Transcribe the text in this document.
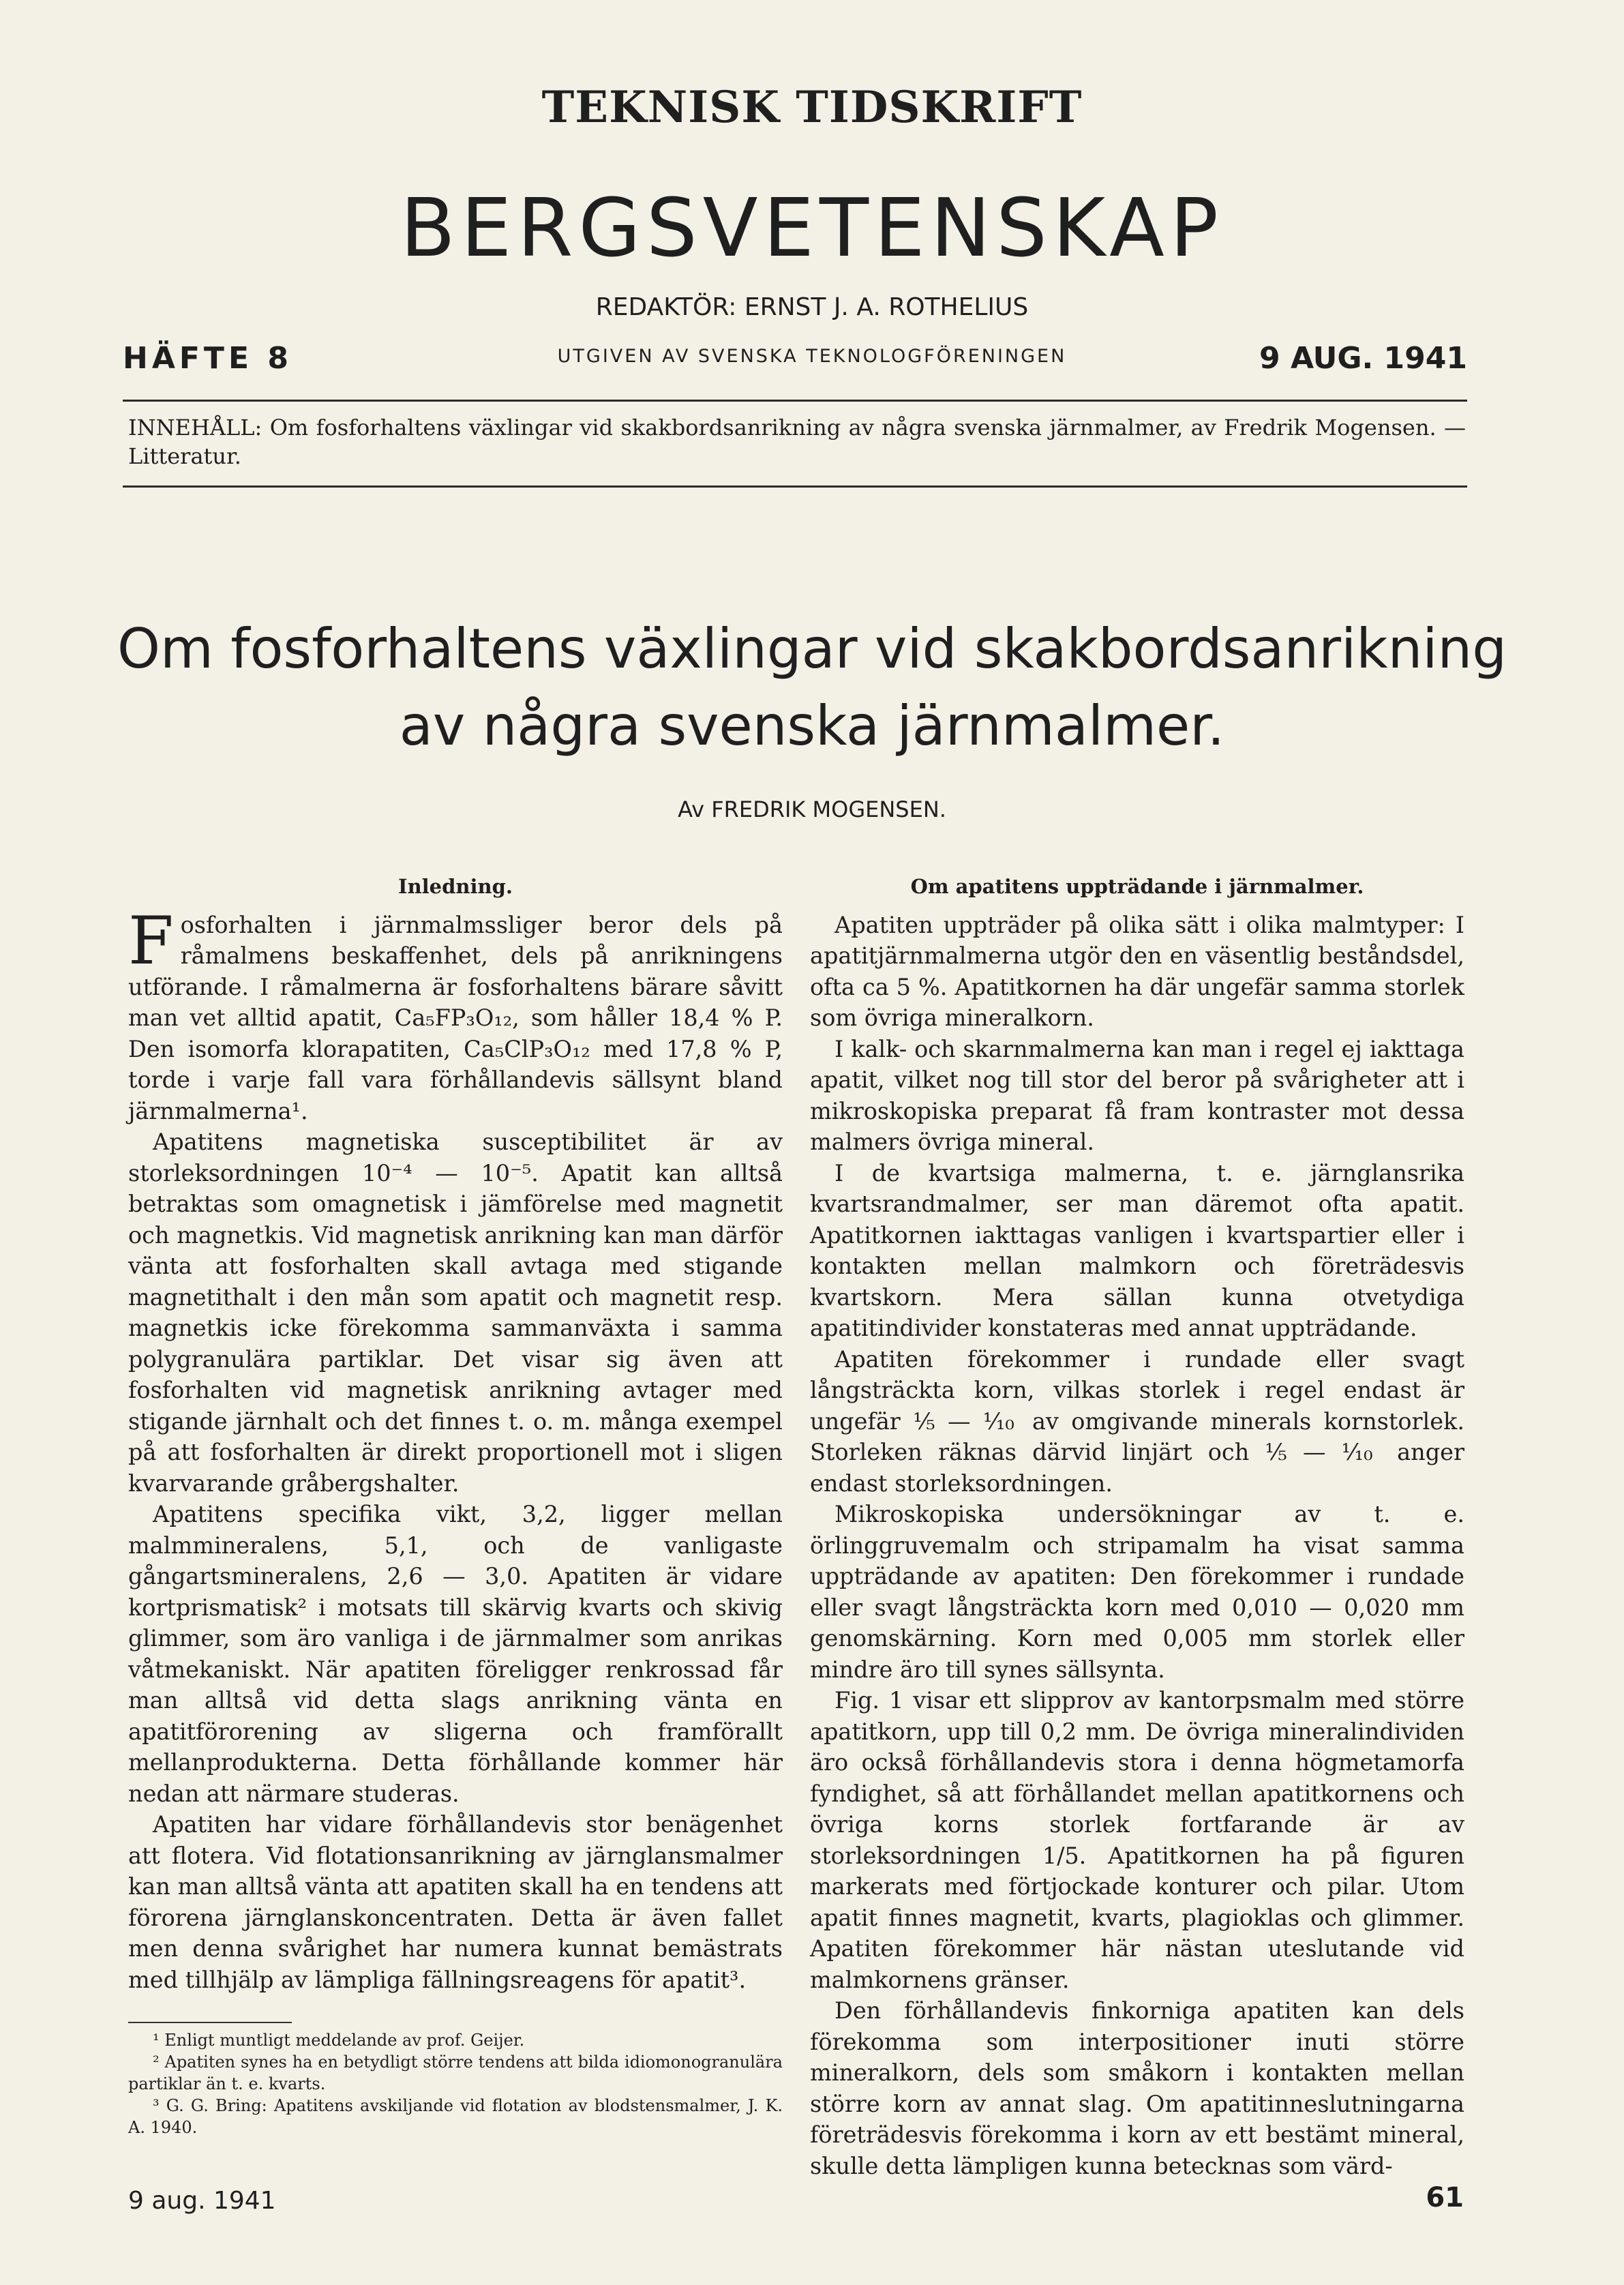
TEKNISK TIDSKRIFT
BERGSVETENSKAP
REDAKTÖR: ERNST J. A. ROTHELIUS
HÄFTE 8	UTGIVEN AV SVENSKA TEKNOLOGFÖRENINGEN	9 AUG. 1941
INNEHÅLL: Om fosforhaltens växlingar vid skakbordsanrikning av några svenska järnmalmer, av Fredrik Mogensen. — Litteratur.
Om fosforhaltens växlingar vid skakbordsanrikning
av några svenska järnmalmer.
Av FREDRIK MOGENSEN.
Inledning.

Fosforhalten i järnmalmssliger beror dels på råmalmens beskaffenhet, dels på anrikningens utförande. I råmalmerna är fosforhaltens bärare såvitt man vet alltid apatit, Ca₅FP₃O₁₂, som håller 18,4 % P. Den isomorfa klorapatiten, Ca₅ClP₃O₁₂ med 17,8 % P, torde i varje fall vara förhållandevis sällsynt bland järnmalmerna¹.

Apatitens magnetiska susceptibilitet är av storleksordningen 10⁻⁴ — 10⁻⁵. Apatit kan alltså betraktas som omagnetisk i jämförelse med magnetit och magnetkis. Vid magnetisk anrikning kan man därför vänta att fosforhalten skall avtaga med stigande magnetithalt i den mån som apatit och magnetit resp. magnetkis icke förekomma sammanväxta i samma polygranulära partiklar. Det visar sig även att fosforhalten vid magnetisk anrikning avtager med stigande järnhalt och det finnes t. o. m. många exempel på att fosforhalten är direkt proportionell mot i sligen kvarvarande gråbergshalter.

Apatitens specifika vikt, 3,2, ligger mellan malmmineralens, 5,1, och de vanligaste gångartsmineralens, 2,6 — 3,0. Apatiten är vidare kortprismatisk² i motsats till skärvig kvarts och skivig glimmer, som äro vanliga i de järnmalmer som anrikas våtmekaniskt. När apatiten föreligger renkrossad får man alltså vid detta slags anrikning vänta en apatitförorening av sligerna och framförallt mellanprodukterna. Detta förhållande kommer här nedan att närmare studeras.

Apatiten har vidare förhållandevis stor benägenhet att flotera. Vid flotationsanrikning av järnglansmalmer kan man alltså vänta att apatiten skall ha en tendens att förorena järnglanskoncentraten. Detta är även fallet men denna svårighet har numera kunnat bemästrats med tillhjälp av lämpliga fällningsreagens för apatit³.

Om apatitens uppträdande i järnmalmer.

Apatiten uppträder på olika sätt i olika malmtyper: I apatitjärnmalmerna utgör den en väsentlig beståndsdel, ofta ca 5 %. Apatitkornen ha där ungefär samma storlek som övriga mineralkorn.

I kalk- och skarnmalmerna kan man i regel ej iakttaga apatit, vilket nog till stor del beror på svårigheter att i mikroskopiska preparat få fram kontraster mot dessa malmers övriga mineral.

I de kvartsiga malmerna, t. e. järnglansrika kvartsrandmalmer, ser man däremot ofta apatit. Apatitkornen iakttagas vanligen i kvartspartier eller i kontakten mellan malmkorn och företrädesvis kvartskorn. Mera sällan kunna otvetydiga apatitindivider konstateras med annat uppträdande.

Apatiten förekommer i rundade eller svagt långsträckta korn, vilkas storlek i regel endast är ungefär ⅕ — ⅒ av omgivande minerals kornstorlek. Storleken räknas därvid linjärt och ⅕ — ⅒ anger endast storleksordningen.

Mikroskopiska undersökningar av t. e. örlinggruvemalm och stripamalm ha visat samma uppträdande av apatiten: Den förekommer i rundade eller svagt långsträckta korn med 0,010 — 0,020 mm genomskärning. Korn med 0,005 mm storlek eller mindre äro till synes sällsynta.

Fig. 1 visar ett slipprov av kantorpsmalm med större apatitkorn, upp till 0,2 mm. De övriga mineralindividen äro också förhållandevis stora i denna högmetamorfa fyndighet, så att förhållandet mellan apatitkornens och övriga korns storlek fortfarande är av storleksordningen 1/5. Apatitkornen ha på figuren markerats med förtjockade konturer och pilar. Utom apatit finnes magnetit, kvarts, plagioklas och glimmer. Apatiten förekommer här nästan uteslutande vid malmkornens gränser.

Den förhållandevis finkorniga apatiten kan dels förekomma som interpositioner inuti större mineralkorn, dels som småkorn i kontakten mellan större korn av annat slag. Om apatitinneslutningarna företrädesvis förekomma i korn av ett bestämt mineral, skulle detta lämpligen kunna betecknas som värd-

¹ Enligt muntligt meddelande av prof. Geijer.

² Apatiten synes ha en betydligt större tendens att bilda idiomonogranulära partiklar än t. e. kvarts.

³ G. G. Bring: Apatitens avskiljande vid flotation av blodstensmalmer, J. K. A. 1940.

9 aug. 1941	61
